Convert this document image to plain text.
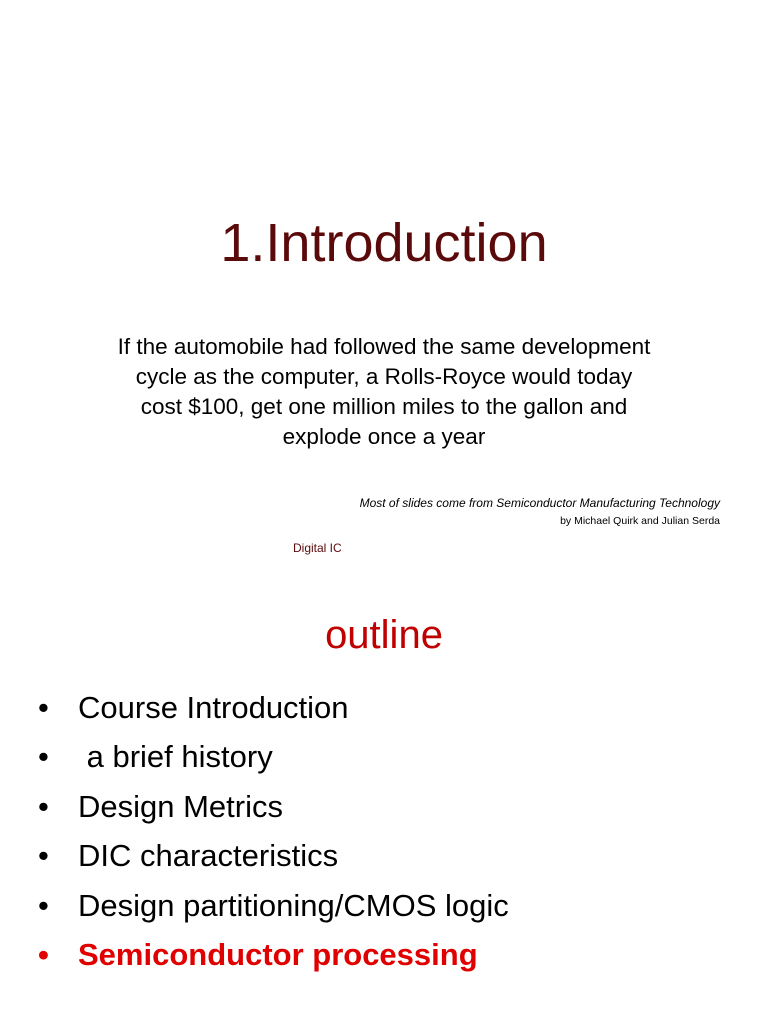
1.Introduction

If the automobile had followed the same development cycle as the computer, a Rolls-Royce would today cost $100, get one million miles to the gallon and explode once a year

Most of slides come from Semiconductor Manufacturing Technology
by Michael Quirk and Julian Serda
Digital IC
outline
• Course Introduction
• a brief history
• Design Metrics
• DIC characteristics
• Design partitioning/CMOS logic
• Semiconductor processing
